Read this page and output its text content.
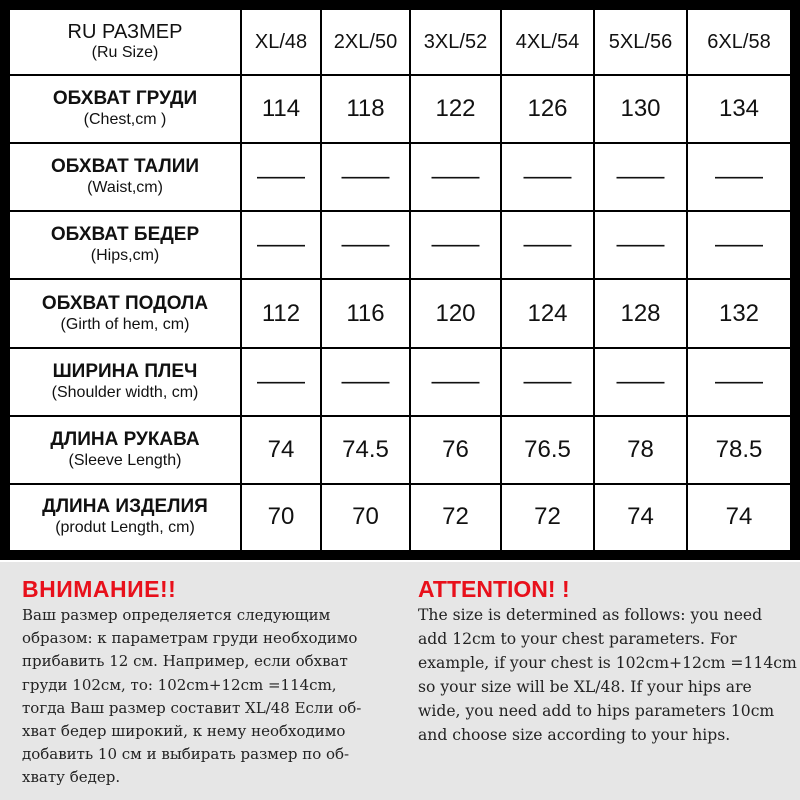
RU РАЗМЕР
(Ru Size)	XL/48	2XL/50	3XL/52	4XL/54	5XL/56	6XL/58

ОБХВАТ ГРУДИ
(Chest,cm )	114	118	122	126	130	134

ОБХВАТ ТАЛИИ
(Waist,cm)	——	——	——	——	——	——

ОБХВАТ БЕДЕР
(Hips,cm)	——	——	——	——	——	——

ОБХВАТ ПОДОЛА
(Girth of hem, cm)	112	116	120	124	128	132

ШИРИНА ПЛЕЧ
(Shoulder width, cm)	——	——	——	——	——	——

ДЛИНА РУКАВА
(Sleeve Length)	74	74.5	76	76.5	78	78.5

ДЛИНА ИЗДЕЛИЯ
(produt Length, cm)	70	70	72	72	74	74
ВНИМАНИЕ!!
Ваш размер определяется следующим
образом: к параметрам груди необходимо
прибавить 12 см. Например, если обхват
груди 102см, то: 102cm+12cm =114cm,
тогда Ваш размер составит XL/48 Если об-
хват бедер широкий, к нему необходимо
добавить 10 см и выбирать размер по об-
хвату бедер.
ATTENTION! !
The size is determined as follows: you need
add 12cm to your chest parameters. For
example, if your chest is 102cm+12cm =114cm
so your size will be XL/48. If your hips are
wide, you need add to hips parameters 10cm
and choose size according to your hips.
